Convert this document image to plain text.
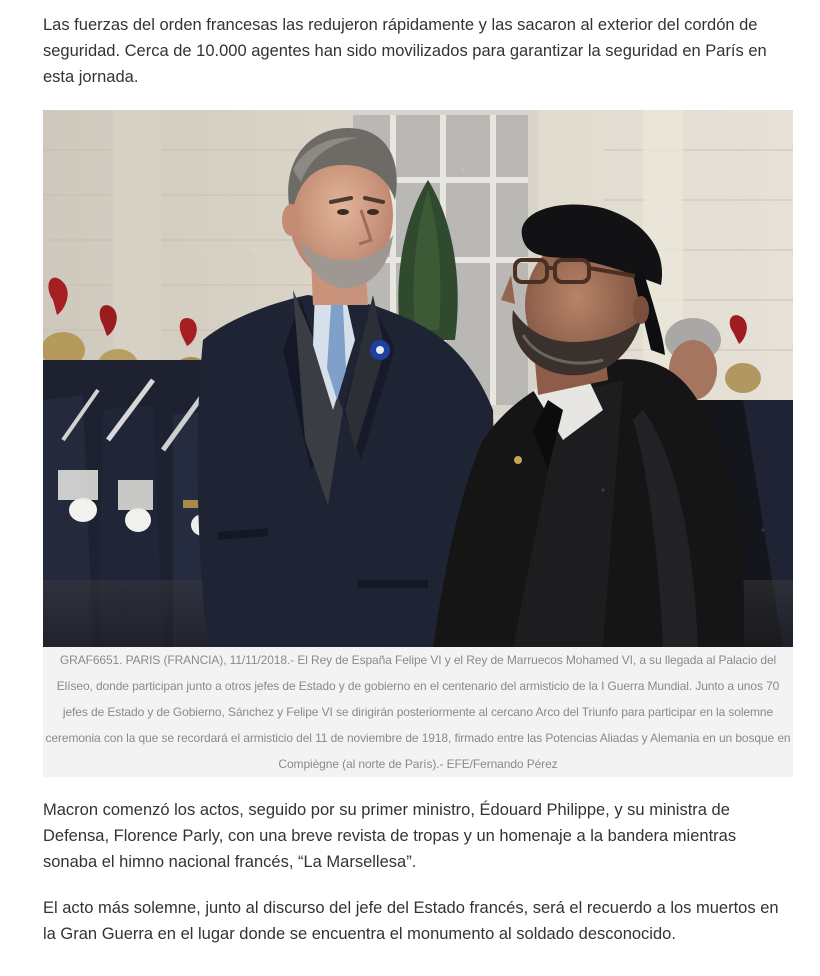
Las fuerzas del orden francesas las redujeron rápidamente y las sacaron al exterior del cordón de seguridad. Cerca de 10.000 agentes han sido movilizados para garantizar la seguridad en París en esta jornada.

GRAF6651. PARIS (FRANCIA), 11/11/2018.- El Rey de España Felipe VI y el Rey de Marruecos Mohamed VI, a su llegada al Palacio del Elíseo, donde participan junto a otros jefes de Estado y de gobierno en el centenario del armisticio de la I Guerra Mundial. Junto a unos 70 jefes de Estado y de Gobierno, Sánchez y Felipe VI se dirigirán posteriormente al cercano Arco del Triunfo para participar en la solemne ceremonia con la que se recordará el armisticio del 11 de noviembre de 1918, firmado entre las Potencias Aliadas y Alemania en un bosque en Compiègne (al norte de París).- EFE/Fernando Pérez

Macron comenzó los actos, seguido por su primer ministro, Édouard Philippe, y su ministra de Defensa, Florence Parly, con una breve revista de tropas y un homenaje a la bandera mientras sonaba el himno nacional francés, “La Marsellesa”.

El acto más solemne, junto al discurso del jefe del Estado francés, será el recuerdo a los muertos en la Gran Guerra en el lugar donde se encuentra el monumento al soldado desconocido.
